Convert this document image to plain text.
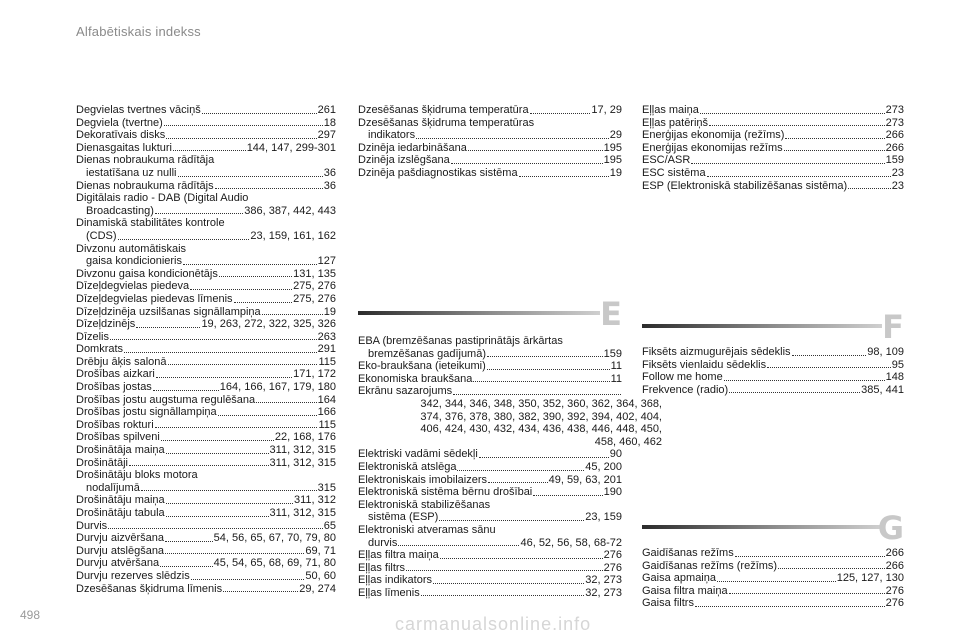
Alfabētiskais indekss
Degvielas tvertnes vāciņš	261
Degviela (tvertne)	18
Dekoratīvais disks	297
Dienasgaitas lukturi	144, 147, 299-301
Dienas nobraukuma rādītāja
iestatīšana uz nulli	36
Dienas nobraukuma rādītājs	36
Digitālais radio - DAB (Digital Audio
Broadcasting)	386, 387, 442, 443
Dinamiskā stabilitātes kontrole
(CDS)	23, 159, 161, 162
Divzonu automātiskais
gaisa kondicionieris	127
Divzonu gaisa kondicionētājs	131, 135
Dīzeļdegvielas piedeva	275, 276
Dīzeļdegvielas piedevas līmenis	275, 276
Dīzeļdzinēja uzsilšanas signāllampiņa	19
Dīzeļdzinējs	19, 263, 272, 322, 325, 326
Dīzelis	263
Domkrats	291
Drēbju āķis salonā	115
Drošības aizkari	171, 172
Drošības jostas	164, 166, 167, 179, 180
Drošības jostu augstuma regulēšana	164
Drošības jostu signāllampiņa	166
Drošības rokturi	115
Drošības spilveni	22, 168, 176
Drošinātāja maiņa	311, 312, 315
Drošinātāji	311, 312, 315
Drošinātāju bloks motora
nodalījumā	315
Drošinātāju maiņa	311, 312
Drošinātāju tabula	311, 312, 315
Durvis	65
Durvju aizvēršana	54, 56, 65, 67, 70, 79, 80
Durvju atslēgšana	69, 71
Durvju atvēršana	45, 54, 65, 68, 69, 71, 80
Durvju rezerves slēdzis	50, 60
Dzesēšanas šķidruma līmenis	29, 274
Dzesēšanas šķidruma temperatūra	17, 29
Dzesēšanas šķidruma temperatūras
indikators	29
Dzinēja iedarbināšana	195
Dzinēja izslēgšana	195
Dzinēja pašdiagnostikas sistēma	19
E
EBA (bremzēšanas pastiprinātājs ārkārtas
bremzēšanas gadījumā)	159
Eko-braukšana (ieteikumi)	11
Ekonomiska braukšana	11
Ekrānu sazarojums
342, 344, 346, 348, 350, 352, 360, 362, 364, 368, 374, 376, 378, 380, 382, 390, 392, 394, 402, 404, 406, 424, 430, 432, 434, 436, 438, 446, 448, 450, 458, 460, 462
Elektriski vadāmi sēdekļi	90
Elektroniskā atslēga	45, 200
Elektroniskais imobilaizers	49, 59, 63, 201
Elektroniskā sistēma bērnu drošībai	190
Elektroniskā stabilizēšanas
sistēma (ESP)	23, 159
Elektroniski atveramas sānu
durvis	46, 52, 56, 58, 68-72
Eļļas filtra maiņa	276
Eļļas filtrs	276
Eļļas indikators	32, 273
Eļļas līmenis	32, 273
Eļļas maiņa	273
Eļļas patēriņš	273
Enerģijas ekonomija (režīms)	266
Enerģijas ekonomijas režīms	266
ESC/ASR	159
ESC sistēma	23
ESP (Elektroniskā stabilizēšanas sistēma)	23
F
Fiksēts aizmugurējais sēdeklis	98, 109
Fiksēts vienlaidu sēdeklis	95
Follow me home	148
Frekvence (radio)	385, 441
G
Gaidīšanas režīms	266
Gaidīšanas režīms (režīms)	266
Gaisa apmaiņa	125, 127, 130
Gaisa filtra maiņa	276
Gaisa filtrs	276
498	carmanualsonline.info
